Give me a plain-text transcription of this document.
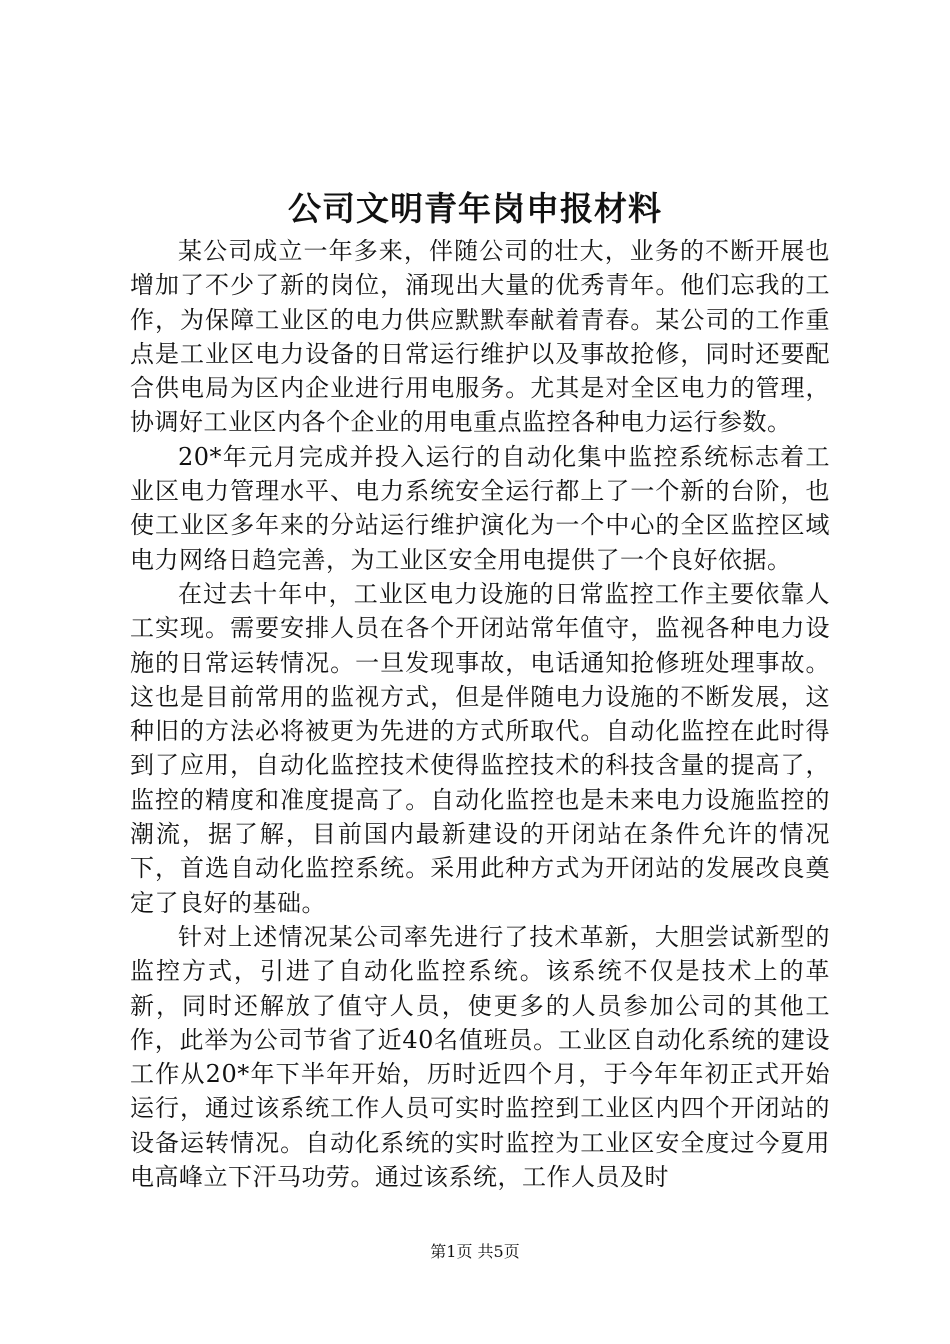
公司文明青年岗申报材料

某公司成立一年多来，伴随公司的壮大，业务的不断开展也增加了不少了新的岗位，涌现出大量的优秀青年。他们忘我的工作，为保障工业区的电力供应默默奉献着青春。某公司的工作重点是工业区电力设备的日常运行维护以及事故抢修，同时还要配合供电局为区内企业进行用电服务。尤其是对全区电力的管理，协调好工业区内各个企业的用电重点监控各种电力运行参数。

20*年元月完成并投入运行的自动化集中监控系统标志着工业区电力管理水平、电力系统安全运行都上了一个新的台阶，也使工业区多年来的分站运行维护演化为一个中心的全区监控区域电力网络日趋完善，为工业区安全用电提供了一个良好依据。

在过去十年中，工业区电力设施的日常监控工作主要依靠人工实现。需要安排人员在各个开闭站常年值守，监视各种电力设施的日常运转情况。一旦发现事故，电话通知抢修班处理事故。这也是目前常用的监视方式，但是伴随电力设施的不断发展，这种旧的方法必将被更为先进的方式所取代。自动化监控在此时得到了应用，自动化监控技术使得监控技术的科技含量的提高了，监控的精度和准度提高了。自动化监控也是未来电力设施监控的潮流，据了解，目前国内最新建设的开闭站在条件允许的情况下，首选自动化监控系统。采用此种方式为开闭站的发展改良奠定了良好的基础。

针对上述情况某公司率先进行了技术革新，大胆尝试新型的监控方式，引进了自动化监控系统。该系统不仅是技术上的革新，同时还解放了值守人员，使更多的人员参加公司的其他工作，此举为公司节省了近40名值班员。工业区自动化系统的建设工作从20*年下半年开始，历时近四个月，于今年年初正式开始运行，通过该系统工作人员可实时监控到工业区内四个开闭站的设备运转情况。自动化系统的实时监控为工业区安全度过今夏用电高峰立下汗马功劳。通过该系统，工作人员及时

第1页 共5页
